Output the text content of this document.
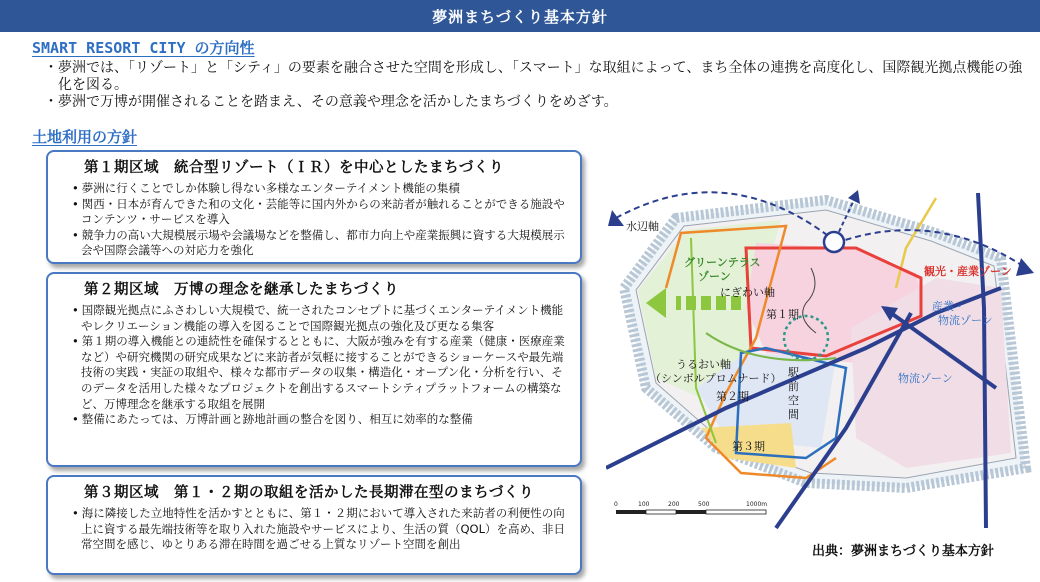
夢洲まちづくり基本方針
SMART RESORT CITY の方向性
・ 夢洲では、「リゾート」と「シティ」の要素を融合させた空間を形成し、「スマート」な取組によって、まち全体の連携を高度化し、国際観光拠点機能の強化を図る。
・ 夢洲で万博が開催されることを踏まえ、その意義や理念を活かしたまちづくりをめざす。
土地利用の方針
第１期区域　統合型リゾート（ＩＲ）を中心としたまちづくり
• 夢洲に行くことでしか体験し得ない多様なエンターテイメント機能の集積
• 関西・日本が育んできた和の文化・芸能等に国内外からの来訪者が触れることができる施設やコンテンツ・サービスを導入
• 競争力の高い大規模展示場や会議場などを整備し、都市力向上や産業振興に資する大規模展示会や国際会議等への対応力を強化
第２期区域　万博の理念を継承したまちづくり
• 国際観光拠点にふさわしい大規模で、統一されたコンセプトに基づくエンターテイメント機能やレクリエーション機能の導入を図ることで国際観光拠点の強化及び更なる集客
• 第１期の導入機能との連続性を確保するとともに、大阪が強みを有する産業（健康・医療産業など）や研究機関の研究成果などに来訪者が気軽に接することができるショーケースや最先端技術の実践・実証の取組や、様々な都市データの収集・構造化・オープン化・分析を行い、そのデータを活用した様々なプロジェクトを創出するスマートシティプラットフォームの構築など、万博理念を継承する取組を展開
• 整備にあたっては、万博計画と跡地計画の整合を図り、相互に効率的な整備
第３期区域　第１・２期の取組を活かした長期滞在型のまちづくり
• 海に隣接した立地特性を活かすとともに、第１・２期において導入された来訪者の利便性の向上に資する最先端技術等を取り入れた施設やサービスにより、生活の質（QOL）を高め、非日常空間を感じ、ゆとりある滞在時間を過ごせる上質なリゾート空間を創出
水辺軸
グリーンテラス
ゾーン
にぎわい軸
第１期
うるおい軸
（シンボルプロムナード）
第２期
第３期
駅
前
空
間
観光・産業ゾーン
産業・
物流ゾーン
物流ゾーン
0	100	200	500	1000m
出典：夢洲まちづくり基本方針
